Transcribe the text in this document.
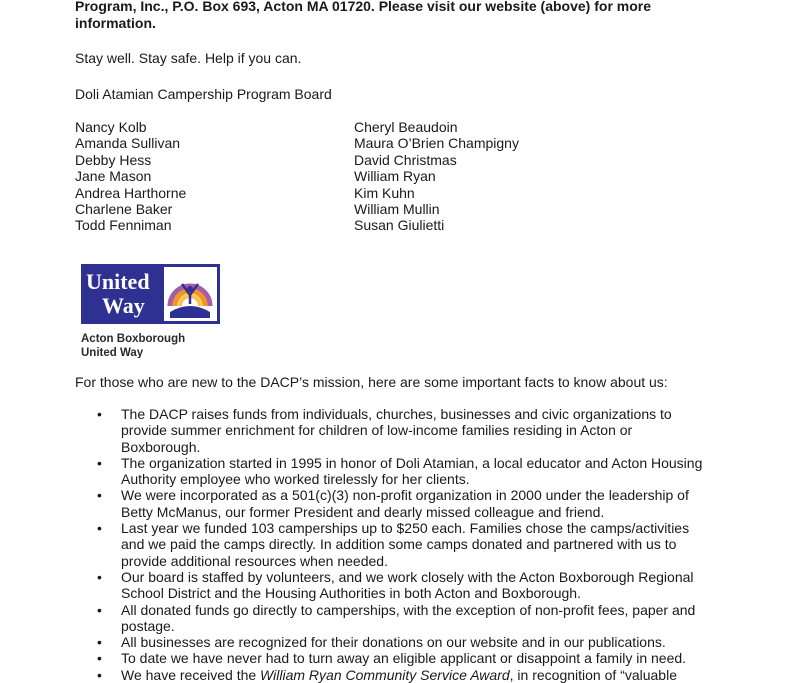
Program, Inc., P.O. Box 693, Acton MA 01720. Please visit our website (above) for more
information.
Stay well. Stay safe. Help if you can.
Doli Atamian Campership Program Board
Nancy Kolb
Amanda Sullivan
Debby Hess
Jane Mason
Andrea Harthorne
Charlene Baker
Todd Fenniman
Cheryl Beaudoin
Maura O’Brien Champigny
David Christmas
William Ryan
Kim Kuhn
William Mullin
Susan Giulietti
United
Way
Acton Boxborough
United Way
For those who are new to the DACP’s mission, here are some important facts to know about us:
• The DACP raises funds from individuals, churches, businesses and civic organizations to
provide summer enrichment for children of low-income families residing in Acton or
Boxborough.
• The organization started in 1995 in honor of Doli Atamian, a local educator and Acton Housing
Authority employee who worked tirelessly for her clients.
• We were incorporated as a 501(c)(3) non-profit organization in 2000 under the leadership of
Betty McManus, our former President and dearly missed colleague and friend.
• Last year we funded 103 camperships up to $250 each. Families chose the camps/activities
and we paid the camps directly. In addition some camps donated and partnered with us to
provide additional resources when needed.
• Our board is staffed by volunteers, and we work closely with the Acton Boxborough Regional
School District and the Housing Authorities in both Acton and Boxborough.
• All donated funds go directly to camperships, with the exception of non-profit fees, paper and
postage.
• All businesses are recognized for their donations on our website and in our publications.
• To date we have never had to turn away an eligible applicant or disappoint a family in need.
• We have received the William Ryan Community Service Award, in recognition of “valuable
